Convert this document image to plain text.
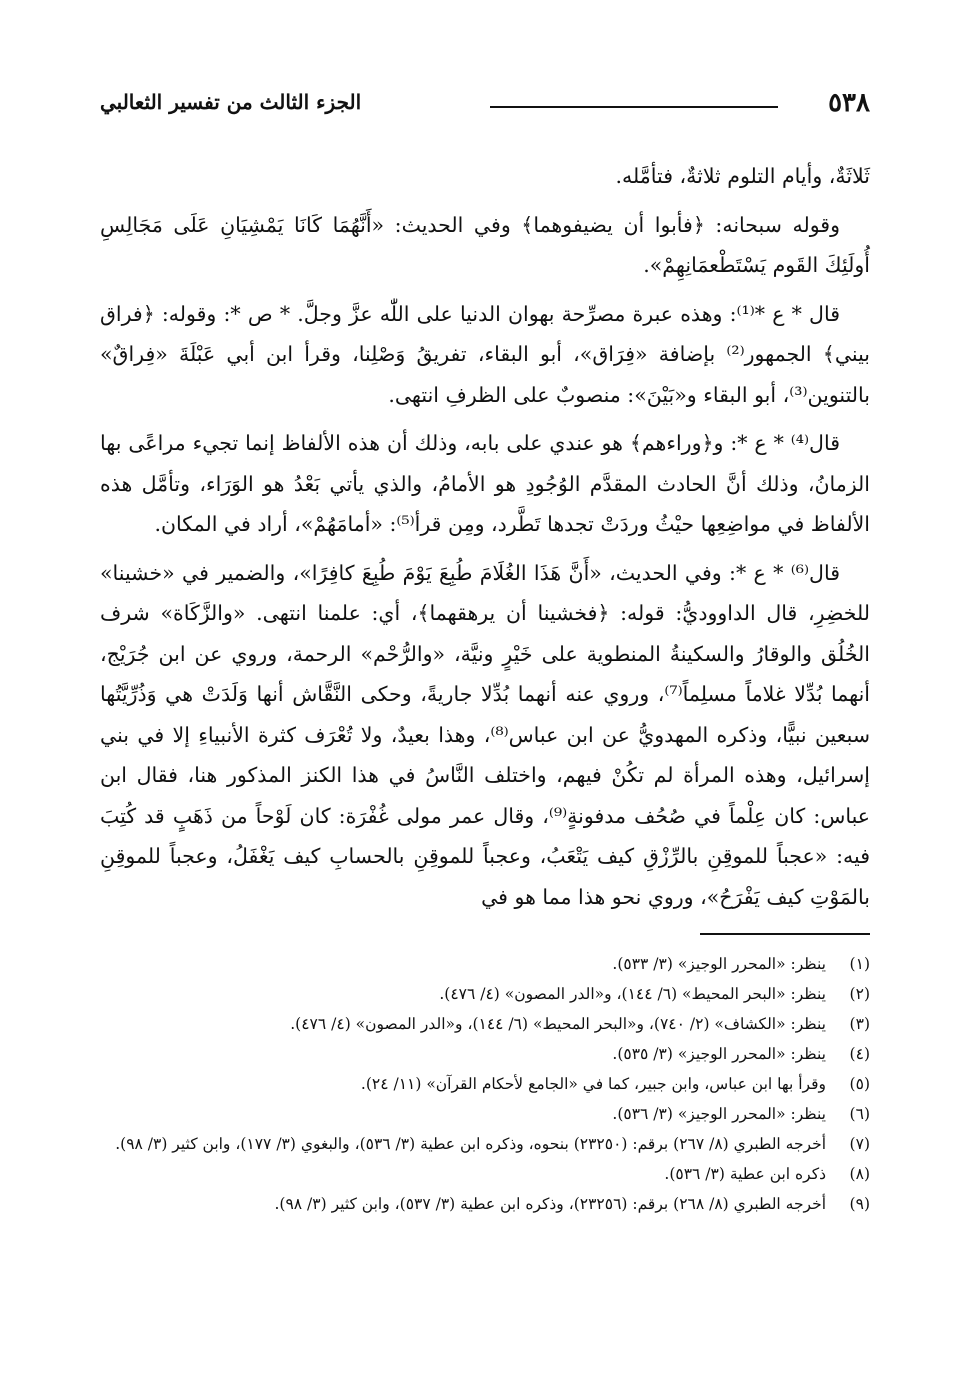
٥٣٨
الجزء الثالث من تفسير الثعالبي

ثَلاثَةٌ، وأيام التلوم ثلاثةٌ، فتأمَّله.

وقوله سبحانه: ﴿فأبوا أن يضيفوهما﴾ وفي الحديث: «أَنَّهُمَا كَانَا يَمْشِيَانِ عَلَى مَجَالِسِ أُولَئِكَ القَوم يَسْتَطْعمَانِهِمْ».

قال * ع *⁽¹⁾: وهذه عبرة مصرِّحة بهوان الدنيا على اللّٰه عزَّ وجلَّ. * ص *: وقوله: ﴿فراق بيني﴾ الجمهور⁽²⁾ بإضافة «فِرَاق»، أبو البقاء، تفريقُ وَصْلِنا، وقرأ ابن أبي عَبْلَةَ «فِراقٌ» بالتنوين⁽³⁾، أبو البقاء و«بَيْنَ»: منصوبٌ على الظرفِ انتهى.

قال⁽⁴⁾ * ع *: و﴿وراءهم﴾ هو عندي على بابه، وذلك أن هذه الألفاظ إنما تجيء مراعًى بها الزمانُ، وذلك أنَّ الحادث المقدَّم الوُجُودِ هو الأمامُ، والذي يأتي بَعْدُ هو الوَرَاء، وتأمَّل هذه الألفاظ في مواضِعِها حيْثُ وردَتْ تجدها تَطَّرد، ومِن قرأ⁽⁵⁾: «أمامَهُمْ»، أراد في المكان.

قال⁽⁶⁾ * ع *: وفي الحديث، «أَنَّ هَذَا الغُلَامَ طُبِعَ يَوْمَ طُبِعَ كافِرًا»، والضمير في «خشينا» للخضِرِ، قال الداووديُّ: قوله: ﴿فخشينا أن يرهقهما﴾، أي: علمنا انتهى. «والزَّكَاة» شرف الخُلُق والوقارُ والسكينةُ المنطوية على خَيْرٍ ونيَّة، «والرُّحْم» الرحمة، وروي عن ابن جُرَيْج، أنهما بُدِّلا غلاماً مسلِماً⁽⁷⁾، وروي عنه أنهما بُدِّلا جاريةً، وحكى النَّقَّاش أنها وَلَدَتْ هي وَذُرِّيَّتُها سبعين نبيًّا، وذكره المهدويُّ عن ابن عباس⁽⁸⁾، وهذا بعيدٌ، ولا تُعْرَف كثرة الأنبياءِ إلا في بني إسرائيل، وهذه المرأة لم تكُنْ فيهم، واختلف النَّاسُ في هذا الكنز المذكور هنا، فقال ابن عباس: كان عِلْماً في صُحُف مدفونةٍ⁽⁹⁾، وقال عمر مولى غُفْرَة: كان لَوْحاً من ذَهَبٍ قد كُتِبَ فيه: «عجباً للموقِنِ بالرِّزْقِ كيف يَتْعَبُ، وعجباً للموقِنِ بالحسابِ كيف يَغْفَلُ، وعجباً للموقِنِ بالمَوْتِ كيف يَفْرَحُ»، وروي نحو هذا مما هو في

(١)
ينظر: «المحرر الوجيز» (٣/ ٥٣٣).
(٢)
ينظر: «البحر المحيط» (٦/ ١٤٤)، و«الدر المصون» (٤/ ٤٧٦).
(٣)
ينظر: «الكشاف» (٢/ ٧٤٠)، و«البحر المحيط» (٦/ ١٤٤)، و«الدر المصون» (٤/ ٤٧٦).
(٤)
ينظر: «المحرر الوجيز» (٣/ ٥٣٥).
(٥)
وقرأ بها ابن عباس، وابن جبير، كما في «الجامع لأحكام القرآن» (١١/ ٢٤).
(٦)
ينظر: «المحرر الوجيز» (٣/ ٥٣٦).
(٧)
أخرجه الطبري (٨/ ٢٦٧) برقم: (٢٣٢٥٠) بنحوه، وذكره ابن عطية (٣/ ٥٣٦)، والبغوي (٣/ ١٧٧)، وابن كثير (٣/ ٩٨).
(٨)
ذكره ابن عطية (٣/ ٥٣٦).
(٩)
أخرجه الطبري (٨/ ٢٦٨) برقم: (٢٣٢٥٦)، وذكره ابن عطية (٣/ ٥٣٧)، وابن كثير (٣/ ٩٨).
